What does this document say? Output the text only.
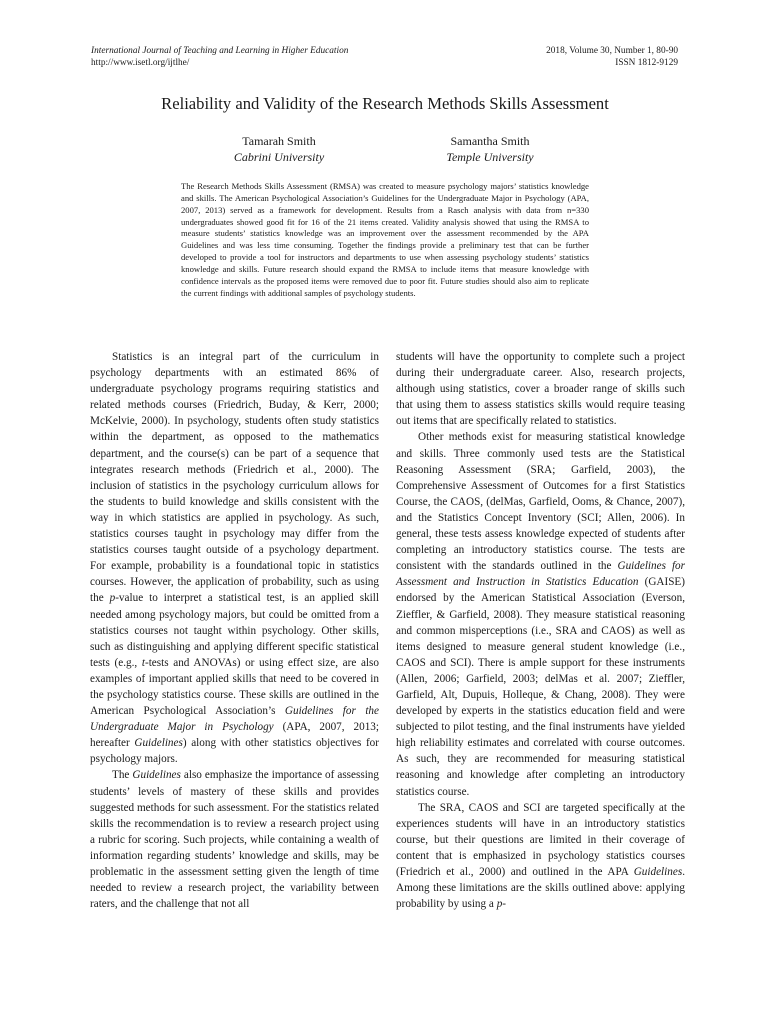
International Journal of Teaching and Learning in Higher Education
http://www.isetl.org/ijtlhe/
2018, Volume 30, Number 1, 80-90
ISSN 1812-9129
Reliability and Validity of the Research Methods Skills Assessment
Tamarah Smith
Cabrini University
Samantha Smith
Temple University

The Research Methods Skills Assessment (RMSA) was created to measure psychology majors’ statistics knowledge and skills. The American Psychological Association’s Guidelines for the Undergraduate Major in Psychology (APA, 2007, 2013) served as a framework for development. Results from a Rasch analysis with data from n=330 undergraduates showed good fit for 16 of the 21 items created. Validity analysis showed that using the RMSA to measure students’ statistics knowledge was an improvement over the assessment recommended by the APA Guidelines and was less time consuming. Together the findings provide a preliminary test that can be further developed to provide a tool for instructors and departments to use when assessing psychology students’ statistics knowledge and skills. Future research should expand the RMSA to include items that measure knowledge with confidence intervals as the proposed items were removed due to poor fit. Future studies should also aim to replicate the current findings with additional samples of psychology students.

Statistics is an integral part of the curriculum in psychology departments with an estimated 86% of undergraduate psychology programs requiring statistics and related methods courses (Friedrich, Buday, & Kerr, 2000; McKelvie, 2000). In psychology, students often study statistics within the department, as opposed to the mathematics department, and the course(s) can be part of a sequence that integrates research methods (Friedrich et al., 2000). The inclusion of statistics in the psychology curriculum allows for the students to build knowledge and skills consistent with the way in which statistics are applied in psychology. As such, statistics courses taught in psychology may differ from the statistics courses taught outside of a psychology department. For example, probability is a foundational topic in statistics courses. However, the application of probability, such as using the p-value to interpret a statistical test, is an applied skill needed among psychology majors, but could be omitted from a statistics courses not taught within psychology. Other skills, such as distinguishing and applying different specific statistical tests (e.g., t-tests and ANOVAs) or using effect size, are also examples of important applied skills that need to be covered in the psychology statistics course. These skills are outlined in the American Psychological Association’s Guidelines for the Undergraduate Major in Psychology (APA, 2007, 2013; hereafter Guidelines) along with other statistics objectives for psychology majors.

The Guidelines also emphasize the importance of assessing students’ levels of mastery of these skills and provides suggested methods for such assessment. For the statistics related skills the recommendation is to review a research project using a rubric for scoring. Such projects, while containing a wealth of information regarding students’ knowledge and skills, may be problematic in the assessment setting given the length of time needed to review a research project, the variability between raters, and the challenge that not all

students will have the opportunity to complete such a project during their undergraduate career. Also, research projects, although using statistics, cover a broader range of skills such that using them to assess statistics skills would require teasing out items that are specifically related to statistics.

Other methods exist for measuring statistical knowledge and skills. Three commonly used tests are the Statistical Reasoning Assessment (SRA; Garfield, 2003), the Comprehensive Assessment of Outcomes for a first Statistics Course, the CAOS, (delMas, Garfield, Ooms, & Chance, 2007), and the Statistics Concept Inventory (SCI; Allen, 2006). In general, these tests assess knowledge expected of students after completing an introductory statistics course. The tests are consistent with the standards outlined in the Guidelines for Assessment and Instruction in Statistics Education (GAISE) endorsed by the American Statistical Association (Everson, Zieffler, & Garfield, 2008). They measure statistical reasoning and common misperceptions (i.e., SRA and CAOS) as well as items designed to measure general student knowledge (i.e., CAOS and SCI). There is ample support for these instruments (Allen, 2006; Garfield, 2003; delMas et al. 2007; Zieffler, Garfield, Alt, Dupuis, Holleque, & Chang, 2008). They were developed by experts in the statistics education field and were subjected to pilot testing, and the final instruments have yielded high reliability estimates and correlated with course outcomes. As such, they are recommended for measuring statistical reasoning and knowledge after completing an introductory statistics course.

The SRA, CAOS and SCI are targeted specifically at the experiences students will have in an introductory statistics course, but their questions are limited in their coverage of content that is emphasized in psychology statistics courses (Friedrich et al., 2000) and outlined in the APA Guidelines. Among these limitations are the skills outlined above: applying probability by using a p-
